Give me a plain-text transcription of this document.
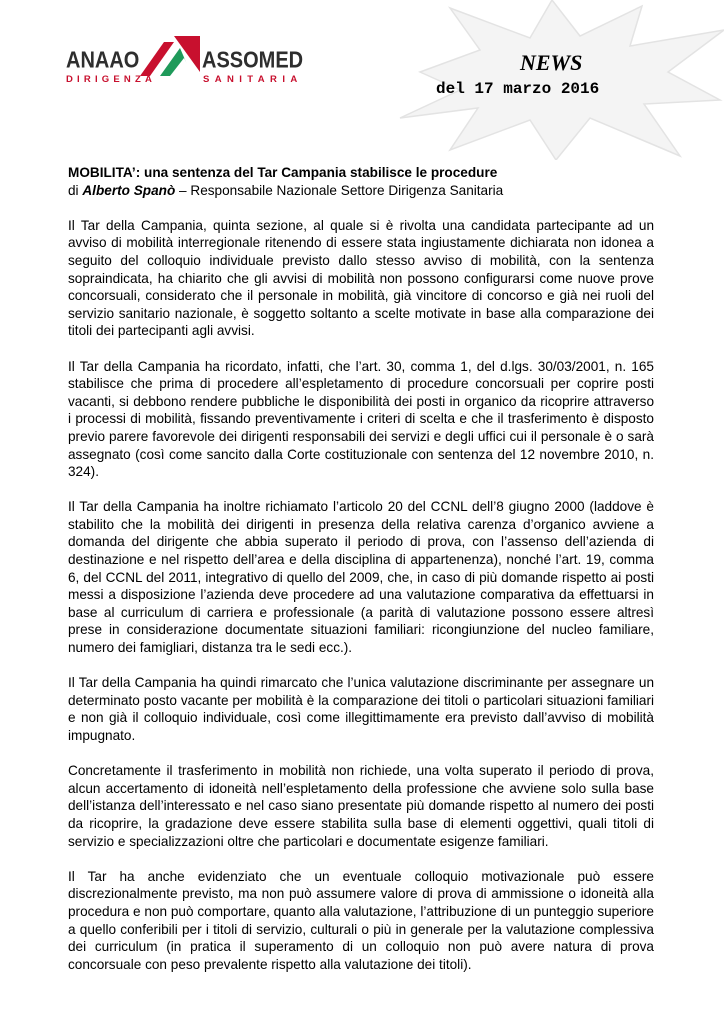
ANAAO	ASSOMED
DIRIGENZA	SANITARIA
NEWS
del 17 marzo 2016

MOBILITA’: una sentenza del Tar Campania stabilisce le procedure

di Alberto Spanò – Responsabile Nazionale Settore Dirigenza Sanitaria

Il Tar della Campania, quinta sezione, al quale si è rivolta una candidata partecipante ad un avviso di mobilità interregionale ritenendo di essere stata ingiustamente dichiarata non idonea a seguito del colloquio individuale previsto dallo stesso avviso di mobilità, con la sentenza sopraindicata, ha chiarito che gli avvisi di mobilità non possono configurarsi come nuove prove concorsuali, considerato che il personale in mobilità, già vincitore di concorso e già nei ruoli del servizio sanitario nazionale, è soggetto soltanto a scelte motivate in base alla comparazione dei titoli dei partecipanti agli avvisi.

Il Tar della Campania ha ricordato, infatti, che l’art. 30, comma 1, del d.lgs. 30/03/2001, n. 165 stabilisce che prima di procedere all’espletamento di procedure concorsuali per coprire posti vacanti, si debbono rendere pubbliche le disponibilità dei posti in organico da ricoprire attraverso i processi di mobilità, fissando preventivamente i criteri di scelta e che il trasferimento è disposto previo parere favorevole dei dirigenti responsabili dei servizi e degli uffici cui il personale è o sarà assegnato (così come sancito dalla Corte costituzionale con sentenza del 12 novembre 2010, n. 324).

Il Tar della Campania ha inoltre richiamato l’articolo 20 del CCNL dell’8 giugno 2000 (laddove è stabilito che la mobilità dei dirigenti in presenza della relativa carenza d’organico avviene a domanda del dirigente che abbia superato il periodo di prova, con l’assenso dell’azienda di destinazione e nel rispetto dell’area e della disciplina di appartenenza), nonché l’art. 19, comma 6, del CCNL del 2011, integrativo di quello del 2009, che, in caso di più domande rispetto ai posti messi a disposizione l’azienda deve procedere ad una valutazione comparativa da effettuarsi in base al curriculum di carriera e professionale (a parità di valutazione possono essere altresì prese in considerazione documentate situazioni familiari: ricongiunzione del nucleo familiare, numero dei famigliari, distanza tra le sedi ecc.).

Il Tar della Campania ha quindi rimarcato che l’unica valutazione discriminante per assegnare un determinato posto vacante per mobilità è la comparazione dei titoli o particolari situazioni familiari e non già il colloquio individuale, così come illegittimamente era previsto dall’avviso di mobilità impugnato.

Concretamente il trasferimento in mobilità non richiede, una volta superato il periodo di prova, alcun accertamento di idoneità nell’espletamento della professione che avviene solo sulla base dell’istanza dell’interessato e nel caso siano presentate più domande rispetto al numero dei posti da ricoprire, la gradazione deve essere stabilita sulla base di elementi oggettivi, quali titoli di servizio e specializzazioni oltre che particolari e documentate esigenze familiari.

Il Tar ha anche evidenziato che un eventuale colloquio motivazionale può essere discrezionalmente previsto, ma non può assumere valore di prova di ammissione o idoneità alla procedura e non può comportare, quanto alla valutazione, l’attribuzione di un punteggio superiore a quello conferibili per i titoli di servizio, culturali o più in generale per la valutazione complessiva dei curriculum (in pratica il superamento di un colloquio non può avere natura di prova concorsuale con peso prevalente rispetto alla valutazione dei titoli).
